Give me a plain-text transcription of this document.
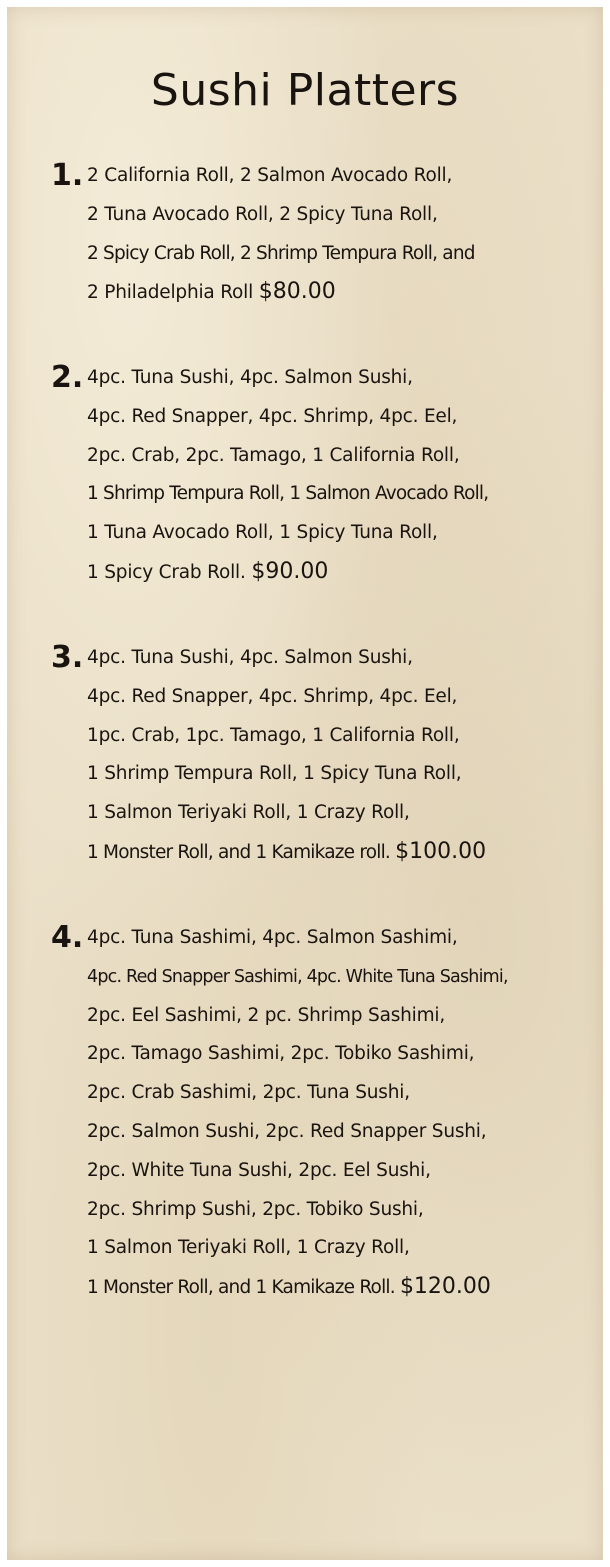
Sushi Platters
1. 2 California Roll, 2 Salmon Avocado Roll,
2 Tuna Avocado Roll, 2 Spicy Tuna Roll,
2 Spicy Crab Roll, 2 Shrimp Tempura Roll, and
2 Philadelphia Roll $80.00
2. 4pc. Tuna Sushi, 4pc. Salmon Sushi,
4pc. Red Snapper, 4pc. Shrimp, 4pc. Eel,
2pc. Crab, 2pc. Tamago, 1 California Roll,
1 Shrimp Tempura Roll, 1 Salmon Avocado Roll,
1 Tuna Avocado Roll, 1 Spicy Tuna Roll,
1 Spicy Crab Roll. $90.00
3. 4pc. Tuna Sushi, 4pc. Salmon Sushi,
4pc. Red Snapper, 4pc. Shrimp, 4pc. Eel,
1pc. Crab, 1pc. Tamago, 1 California Roll,
1 Shrimp Tempura Roll, 1 Spicy Tuna Roll,
1 Salmon Teriyaki Roll, 1 Crazy Roll,
1 Monster Roll, and 1 Kamikaze roll. $100.00
4. 4pc. Tuna Sashimi, 4pc. Salmon Sashimi,
4pc. Red Snapper Sashimi, 4pc. White Tuna Sashimi,
2pc. Eel Sashimi, 2 pc. Shrimp Sashimi,
2pc. Tamago Sashimi, 2pc. Tobiko Sashimi,
2pc. Crab Sashimi, 2pc. Tuna Sushi,
2pc. Salmon Sushi, 2pc. Red Snapper Sushi,
2pc. White Tuna Sushi, 2pc. Eel Sushi,
2pc. Shrimp Sushi, 2pc. Tobiko Sushi,
1 Salmon Teriyaki Roll, 1 Crazy Roll,
1 Monster Roll, and 1 Kamikaze Roll. $120.00
